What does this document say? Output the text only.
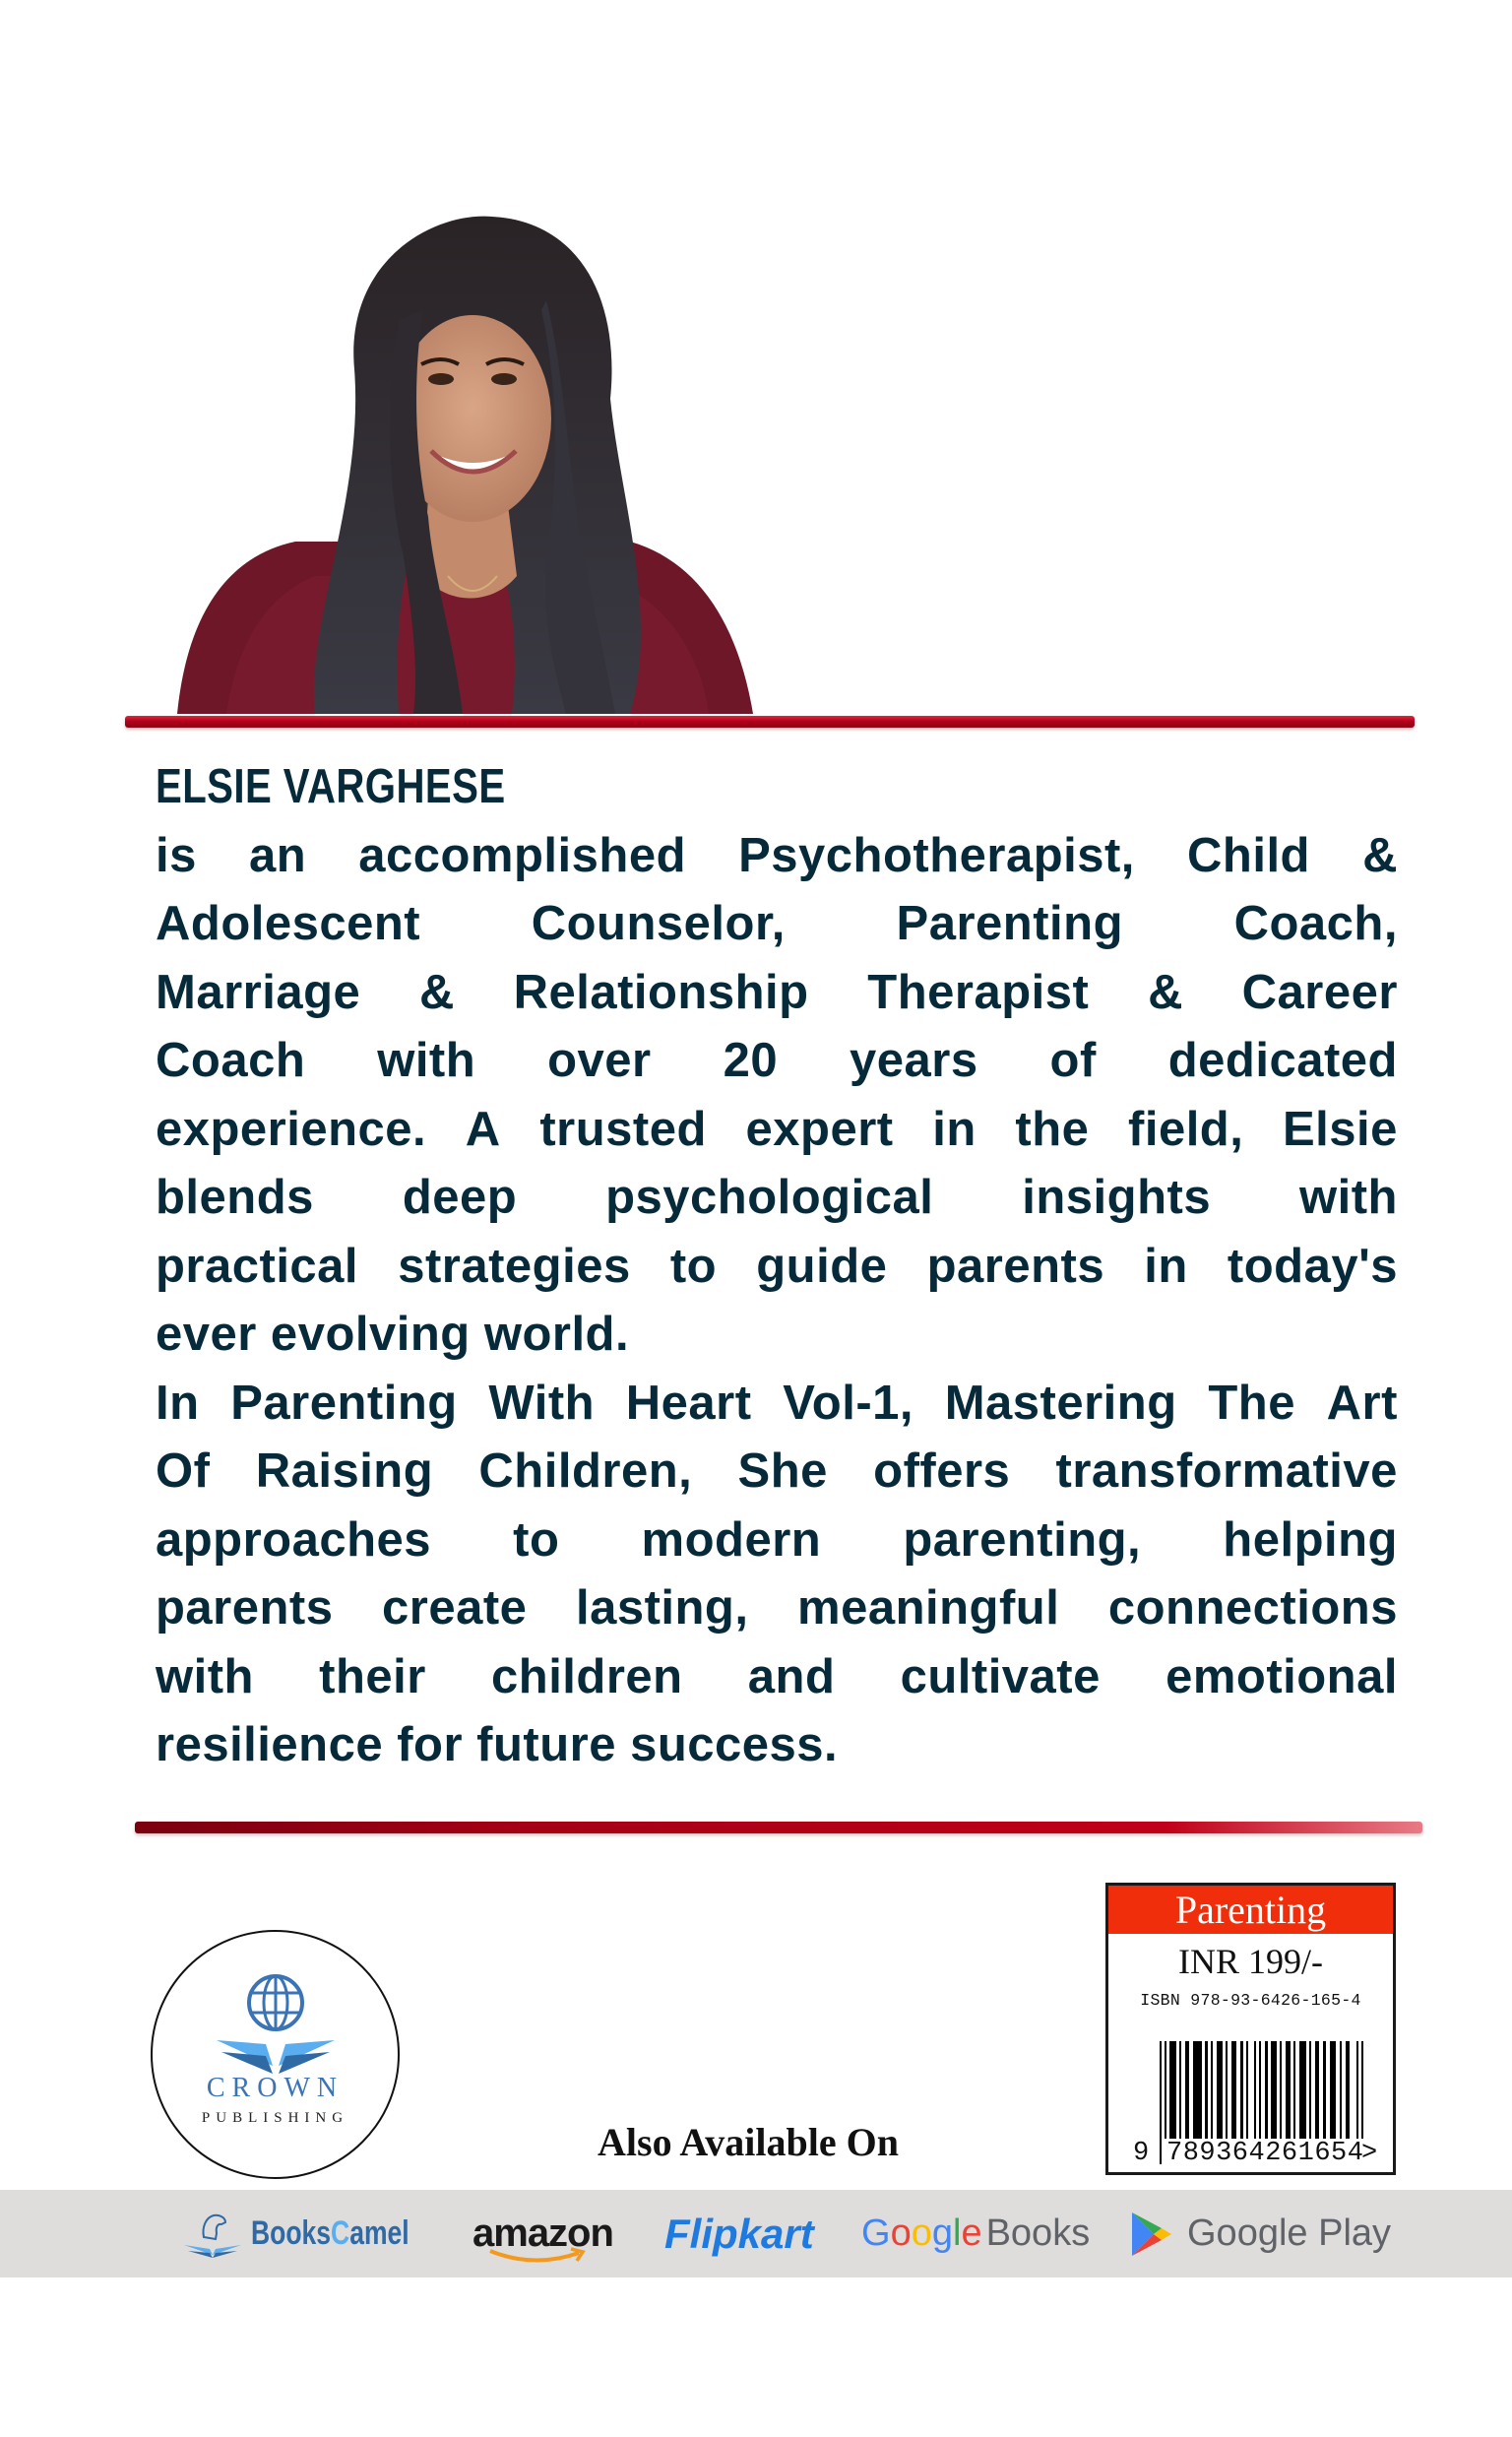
ELSIE VARGHESE
is an accomplished Psychotherapist, Child &
Adolescent Counselor, Parenting Coach,
Marriage & Relationship Therapist & Career
Coach with over 20 years of dedicated
experience. A trusted expert in the field, Elsie
blends deep psychological insights with
practical strategies to guide parents in today's
ever evolving world.
In Parenting With Heart Vol-1, Mastering The Art
Of Raising Children, She offers transformative
approaches to modern parenting, helping
parents create lasting, meaningful connections
with their children and cultivate emotional
resilience for future success.
CROWN
PUBLISHING
Also Available On
Parenting
INR 199/-
ISBN 978-93-6426-165-4
9 789364261654
>
BooksCamel amazon Flipkart Google Books	Google Play
